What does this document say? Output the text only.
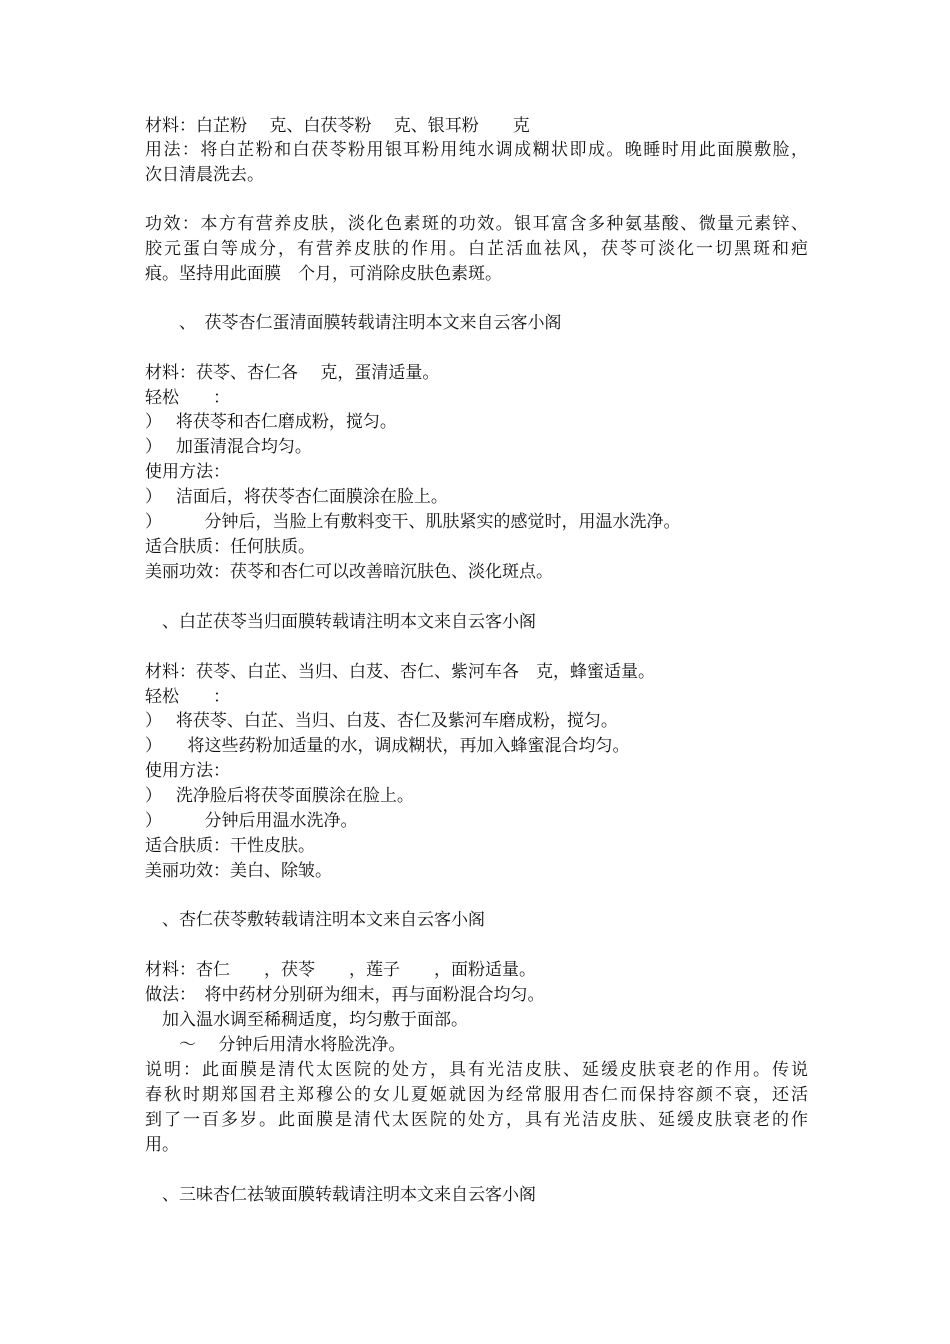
材料：白芷粉　 克、白茯苓粉　 克、银耳粉　　克
用法：将白芷粉和白茯苓粉用银耳粉用纯水调成糊状即成。晚睡时用此面膜敷脸，
次日清晨洗去。
功效：本方有营养皮肤，淡化色素斑的功效。银耳富含多种氨基酸、微量元素锌、
胶元蛋白等成分，有营养皮肤的作用。白芷活血祛风，茯苓可淡化一切黑斑和疤
痕。坚持用此面膜　个月，可消除皮肤色素斑。
　　、　茯苓杏仁蛋清面膜转载请注明本文来自云客小阁
材料：茯苓、杏仁各　 克，蛋清适量。
轻松　　：
）　 将茯苓和杏仁磨成粉，搅匀。
）　 加蛋清混合均匀。
使用方法：
）　 洁面后，将茯苓杏仁面膜涂在脸上。
）　　　分钟后，当脸上有敷料变干、肌肤紧实的感觉时，用温水洗净。
适合肤质：任何肤质。
美丽功效：茯苓和杏仁可以改善暗沉肤色、淡化斑点。
　、白芷茯苓当归面膜转载请注明本文来自云客小阁
材料：茯苓、白芷、当归、白芨、杏仁、紫河车各　克，蜂蜜适量。
轻松　　：
）　 将茯苓、白芷、当归、白芨、杏仁及紫河车磨成粉，搅匀。
）　　将这些药粉加适量的水，调成糊状，再加入蜂蜜混合均匀。
使用方法：
）　 洗净脸后将茯苓面膜涂在脸上。
）　　　分钟后用温水洗净。
适合肤质：干性皮肤。
美丽功效：美白、除皱。
　、杏仁茯苓敷转载请注明本文来自云客小阁
材料：杏仁　　，茯苓　　，莲子　　，面粉适量。
做法：　将中药材分别研为细末，再与面粉混合均匀。
　加入温水调至稀稠适度，均匀敷于面部。
　　～　 分钟后用清水将脸洗净。
说明：此面膜是清代太医院的处方，具有光洁皮肤、延缓皮肤衰老的作用。传说
春秋时期郑国君主郑穆公的女儿夏姬就因为经常服用杏仁而保持容颜不衰，还活
到了一百多岁。此面膜是清代太医院的处方，具有光洁皮肤、延缓皮肤衰老的作
用。
　、三味杏仁祛皱面膜转载请注明本文来自云客小阁
